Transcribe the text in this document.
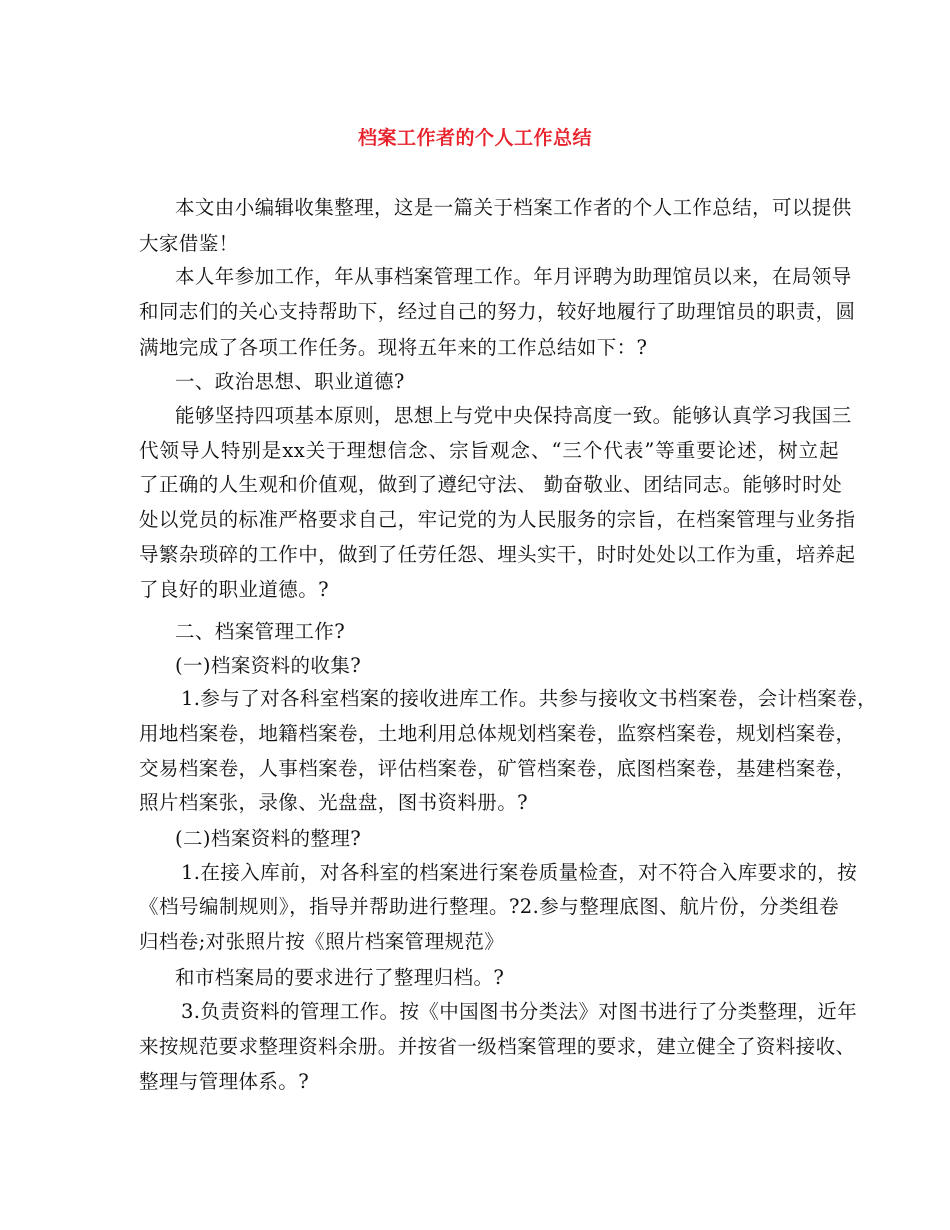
档案工作者的个人工作总结
本文由小编辑收集整理，这是一篇关于档案工作者的个人工作总结，可以提供
大家借鉴！
本人年参加工作，年从事档案管理工作。年月评聘为助理馆员以来，在局领导
和同志们的关心支持帮助下，经过自己的努力，较好地履行了助理馆员的职责，圆
满地完成了各项工作任务。现将五年来的工作总结如下：?
一、政治思想、职业道德?
能够坚持四项基本原则，思想上与党中央保持高度一致。能够认真学习我国三
代领导人特别是xx关于理想信念、宗旨观念、“三个代表”等重要论述，树立起
了正确的人生观和价值观，做到了遵纪守法、 勤奋敬业、团结同志。能够时时处
处以党员的标准严格要求自己，牢记党的为人民服务的宗旨，在档案管理与业务指
导繁杂琐碎的工作中，做到了任劳任怨、埋头实干，时时处处以工作为重，培养起
了良好的职业道德。?
二、档案管理工作?
(一)档案资料的收集?
1.参与了对各科室档案的接收进库工作。共参与接收文书档案卷，会计档案卷，
用地档案卷，地籍档案卷，土地利用总体规划档案卷，监察档案卷，规划档案卷，
交易档案卷，人事档案卷，评估档案卷，矿管档案卷，底图档案卷，基建档案卷，
照片档案张，录像、光盘盘，图书资料册。?
(二)档案资料的整理?
1.在接入库前，对各科室的档案进行案卷质量检查，对不符合入库要求的，按
《档号编制规则》，指导并帮助进行整理。?2.参与整理底图、航片份，分类组卷
归档卷;对张照片按《照片档案管理规范》
和市档案局的要求进行了整理归档。?
3.负责资料的管理工作。按《中国图书分类法》对图书进行了分类整理，近年
来按规范要求整理资料余册。并按省一级档案管理的要求，建立健全了资料接收、
整理与管理体系。?
